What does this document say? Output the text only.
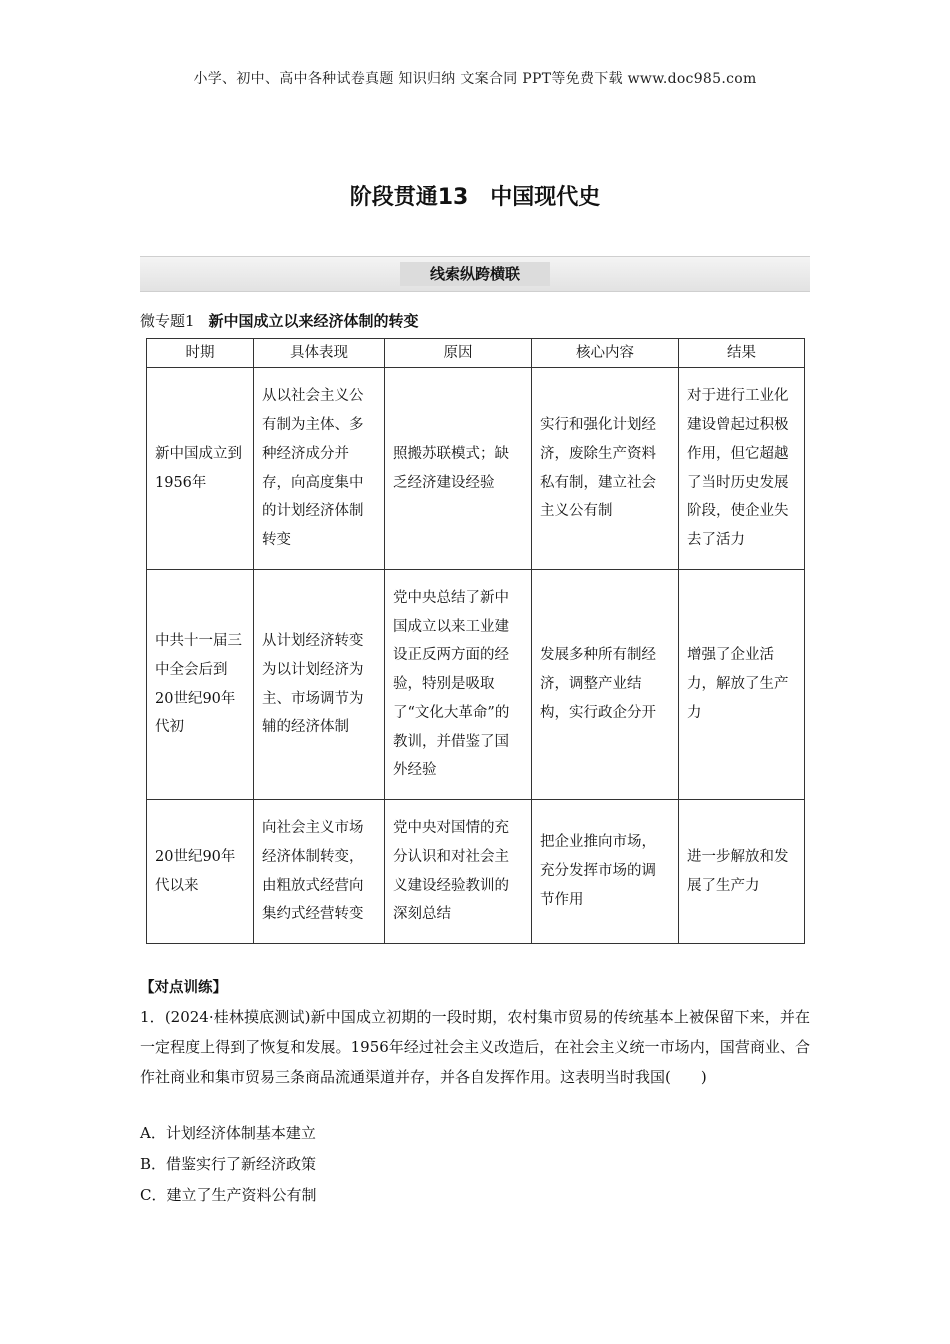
小学、初中、高中各种试卷真题 知识归纳 文案合同 PPT等免费下载 www.doc985.com
阶段贯通13　中国现代史
线索纵跨横联
微专题1 新中国成立以来经济体制的转变
时期	具体表现	原因	核心内容	结果
新中国成立到1956年	从以社会主义公有制为主体、多种经济成分并存，向高度集中的计划经济体制转变	照搬苏联模式；缺乏经济建设经验	实行和强化计划经济，废除生产资料私有制，建立社会主义公有制	对于进行工业化建设曾起过积极作用，但它超越了当时历史发展阶段，使企业失去了活力
中共十一届三中全会后到20世纪90年代初	从计划经济转变为以计划经济为主、市场调节为辅的经济体制	党中央总结了新中国成立以来工业建设正反两方面的经验，特别是吸取了“文化大革命”的教训，并借鉴了国外经验	发展多种所有制经济，调整产业结构，实行政企分开	增强了企业活力，解放了生产力
20世纪90年代以来	向社会主义市场经济体制转变，由粗放式经营向集约式经营转变	党中央对国情的充分认识和对社会主义建设经验教训的深刻总结	把企业推向市场，充分发挥市场的调节作用	进一步解放和发展了生产力
【对点训练】
1．(2024·桂林摸底测试)新中国成立初期的一段时期，农村集市贸易的传统基本上被保留下来，并在一定程度上得到了恢复和发展。1956年经过社会主义改造后，在社会主义统一市场内，国营商业、合作社商业和集市贸易三条商品流通渠道并存，并各自发挥作用。这表明当时我国(　　)
A．计划经济体制基本建立
B．借鉴实行了新经济政策
C．建立了生产资料公有制
